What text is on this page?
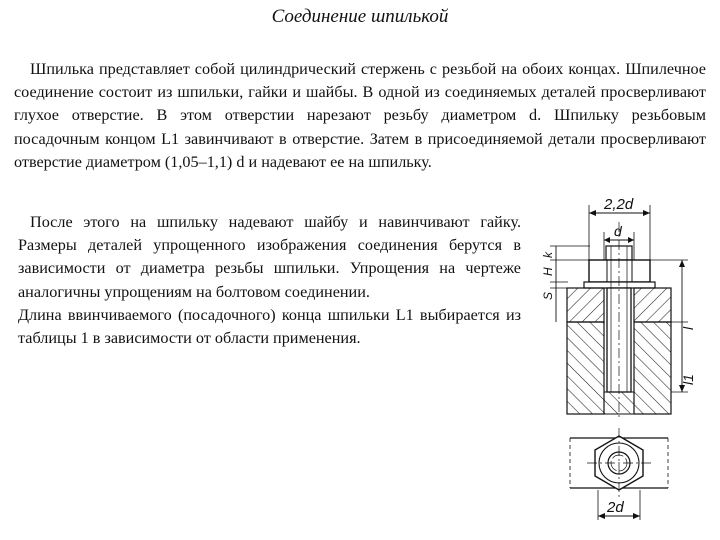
Соединение шпилькой

Шпилька представляет собой цилиндрический стержень с резьбой на обоих концах. Шпилечное соединение состоит из шпильки, гайки и шайбы. В одной из соединяемых деталей просверливают глухое отверстие. В этом отверстии нарезают резьбу диаметром d. Шпильку резьбовым посадочным концом L1 завинчивают в отверстие. Затем в присоединяемой детали просверливают отверстие диаметром (1,05–1,1) d и надевают ее на шпильку.

После этого на шпильку надевают шайбу и навинчивают гайку. Размеры деталей упрощенного изображения соединения берутся в зависимости от диаметра резьбы шпильки. Упрощения на чертеже аналогичны упрощениям на болтовом соединении.
Длина ввинчиваемого (посадочного) конца шпильки L1 выбирается из таблицы 1 в зависимости от области применения.
2,2d
d
k
H
S
l
l1
2d
